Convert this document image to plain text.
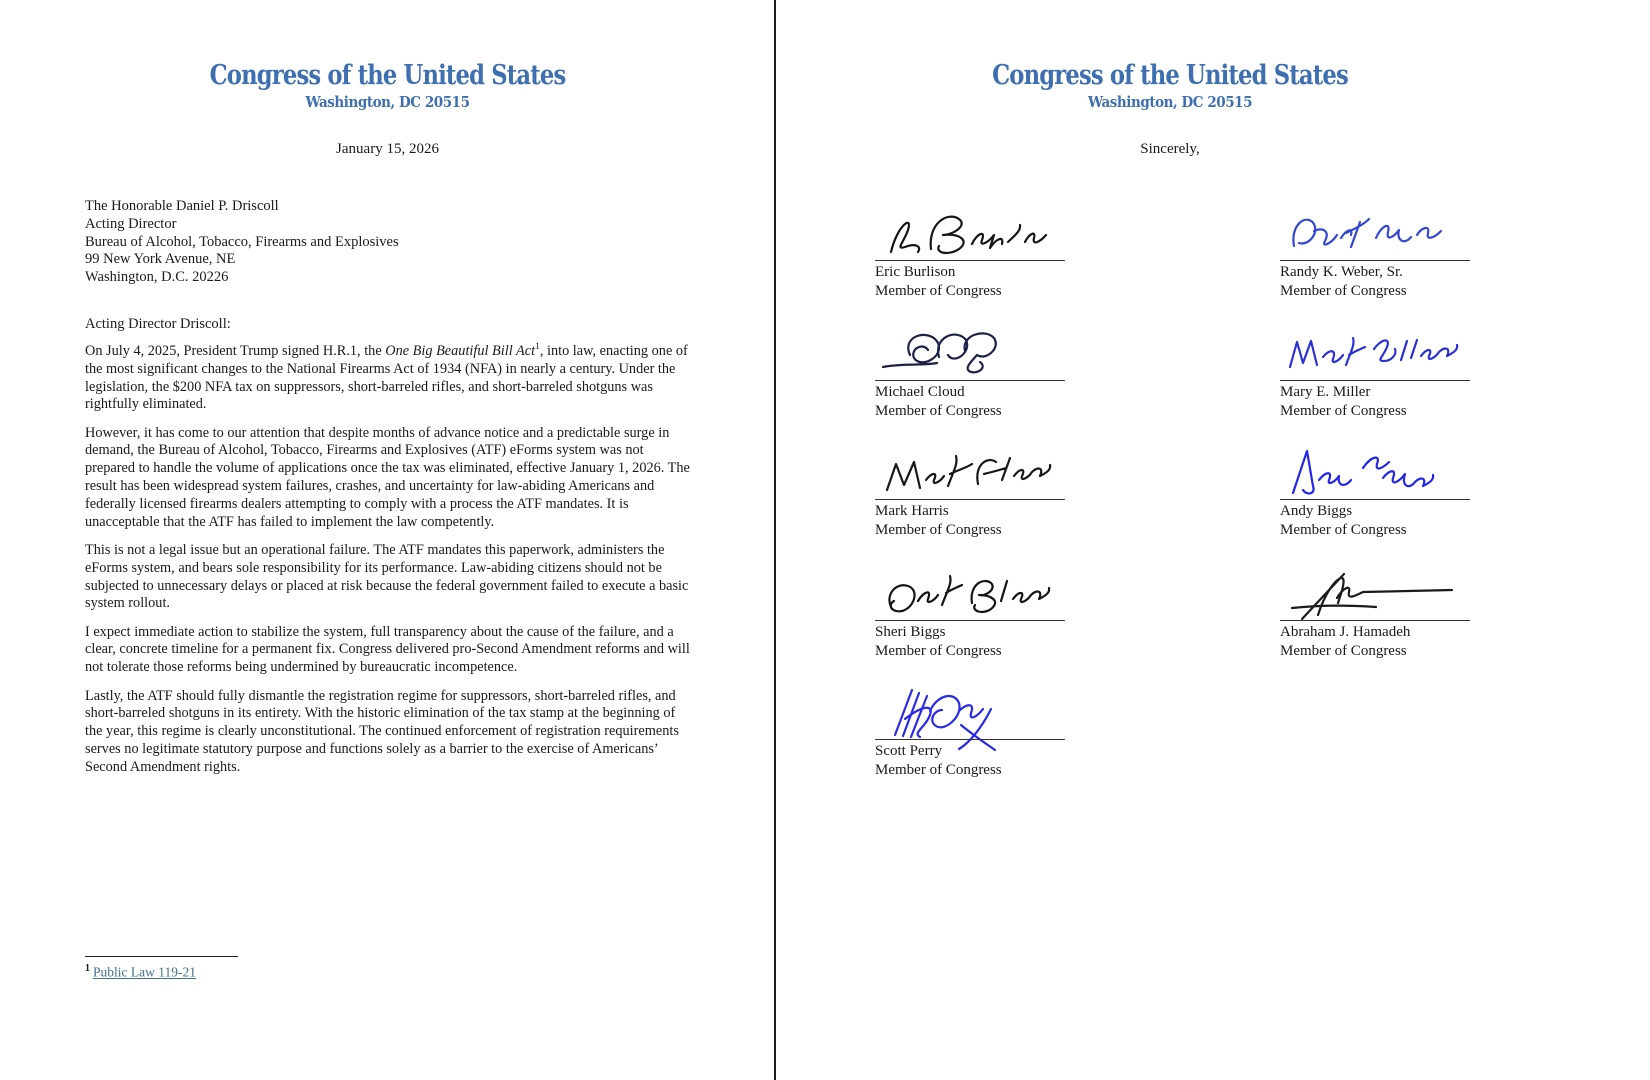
Congress of the United States
Washington, DC 20515
January 15, 2026
The Honorable Daniel P. Driscoll
Acting Director
Bureau of Alcohol, Tobacco, Firearms and Explosives
99 New York Avenue, NE
Washington, D.C. 20226
Acting Director Driscoll:

On July 4, 2025, President Trump signed H.R.1, the One Big Beautiful Bill Act$^1$, into law, enacting one of the most significant changes to the National Firearms Act of 1934 (NFA) in nearly a century. Under the legislation, the $200 NFA tax on suppressors, short-barreled rifles, and short-barreled shotguns was rightfully eliminated.

However, it has come to our attention that despite months of advance notice and a predictable surge in demand, the Bureau of Alcohol, Tobacco, Firearms and Explosives (ATF) eForms system was not prepared to handle the volume of applications once the tax was eliminated, effective January 1, 2026. The result has been widespread system failures, crashes, and uncertainty for law-abiding Americans and federally licensed firearms dealers attempting to comply with a process the ATF mandates. It is unacceptable that the ATF has failed to implement the law competently.

This is not a legal issue but an operational failure. The ATF mandates this paperwork, administers the eForms system, and bears sole responsibility for its performance. Law-abiding citizens should not be subjected to unnecessary delays or placed at risk because the federal government failed to execute a basic system rollout.

I expect immediate action to stabilize the system, full transparency about the cause of the failure, and a clear, concrete timeline for a permanent fix. Congress delivered pro-Second Amendment reforms and will not tolerate those reforms being undermined by bureaucratic incompetence.

Lastly, the ATF should fully dismantle the registration regime for suppressors, short-barreled rifles, and short-barreled shotguns in its entirety. With the historic elimination of the tax stamp at the beginning of the year, this regime is clearly unconstitutional. The continued enforcement of registration requirements serves no legitimate statutory purpose and functions solely as a barrier to the exercise of Americans’ Second Amendment rights.

$^1$ Public Law 119-21
Congress of the United States
Washington, DC 20515
Sincerely,
Eric Burlison
Member of Congress
Randy K. Weber, Sr.
Member of Congress
Michael Cloud
Member of Congress
Mary E. Miller
Member of Congress
Mark Harris
Member of Congress
Andy Biggs
Member of Congress
Sheri Biggs
Member of Congress
Abraham J. Hamadeh
Member of Congress
Scott Perry
Member of Congress
